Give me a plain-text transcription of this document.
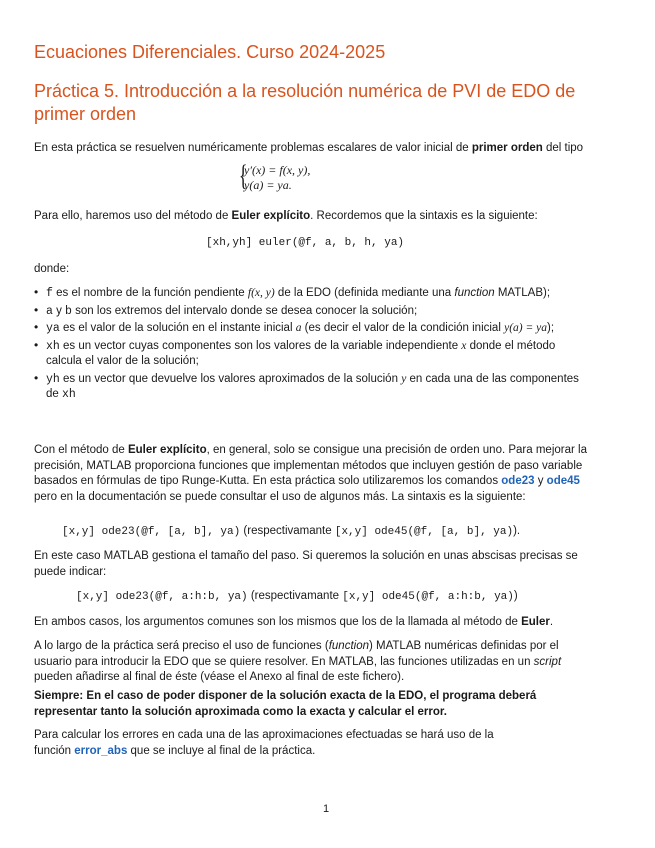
Ecuaciones Diferenciales. Curso 2024-2025
Práctica 5. Introducción a la resolución numérica de PVI de EDO de primer orden
En esta práctica se resuelven numéricamente problemas escalares de valor inicial de primer orden del tipo
{
y′(x) = f(x, y),
y(a) = ya.
Para ello, haremos uso del método de Euler explícito. Recordemos que la sintaxis es la siguiente:
[xh,yh] euler(@f, a, b, h, ya)
donde:
• f es el nombre de la función pendiente f(x, y) de la EDO (definida mediante una function MATLAB);
• a y b son los extremos del intervalo donde se desea conocer la solución;
• ya es el valor de la solución en el instante inicial a (es decir el valor de la condición inicial y(a) = ya);
• xh es un vector cuyas componentes son los valores de la variable independiente x donde el método calcula el valor de la solución;
• yh es un vector que devuelve los valores aproximados de la solución y en cada una de las componentes de xh
Con el método de Euler explícito, en general, solo se consigue una precisión de orden uno. Para mejorar la precisión, MATLAB proporciona funciones que implementan métodos que incluyen gestión de paso variable basados en fórmulas de tipo Runge-Kutta. En esta práctica solo utilizaremos los comandos ode23 y ode45 pero en la documentación se puede consultar el uso de algunos más. La sintaxis es la siguiente:
[x,y] ode23(@f, [a, b], ya) (respectivamante [x,y] ode45(@f, [a, b], ya)).
En este caso MATLAB gestiona el tamaño del paso. Si queremos la solución en unas abscisas precisas se puede indicar:
[x,y] ode23(@f, a:h:b, ya) (respectivamante [x,y] ode45(@f, a:h:b, ya))
En ambos casos, los argumentos comunes son los mismos que los de la llamada al método de Euler.
A lo largo de la práctica será preciso el uso de funciones (function) MATLAB numéricas definidas por el usuario para introducir la EDO que se quiere resolver. En MATLAB, las funciones utilizadas en un script pueden añadirse al final de éste (véase el Anexo al final de este fichero).
Siempre: En el caso de poder disponer de la solución exacta de la EDO, el programa deberá representar tanto la solución aproximada como la exacta y calcular el error.
Para calcular los errores en cada una de las aproximaciones efectuadas se hará uso de la función error_abs que se incluye al final de la práctica.
1
